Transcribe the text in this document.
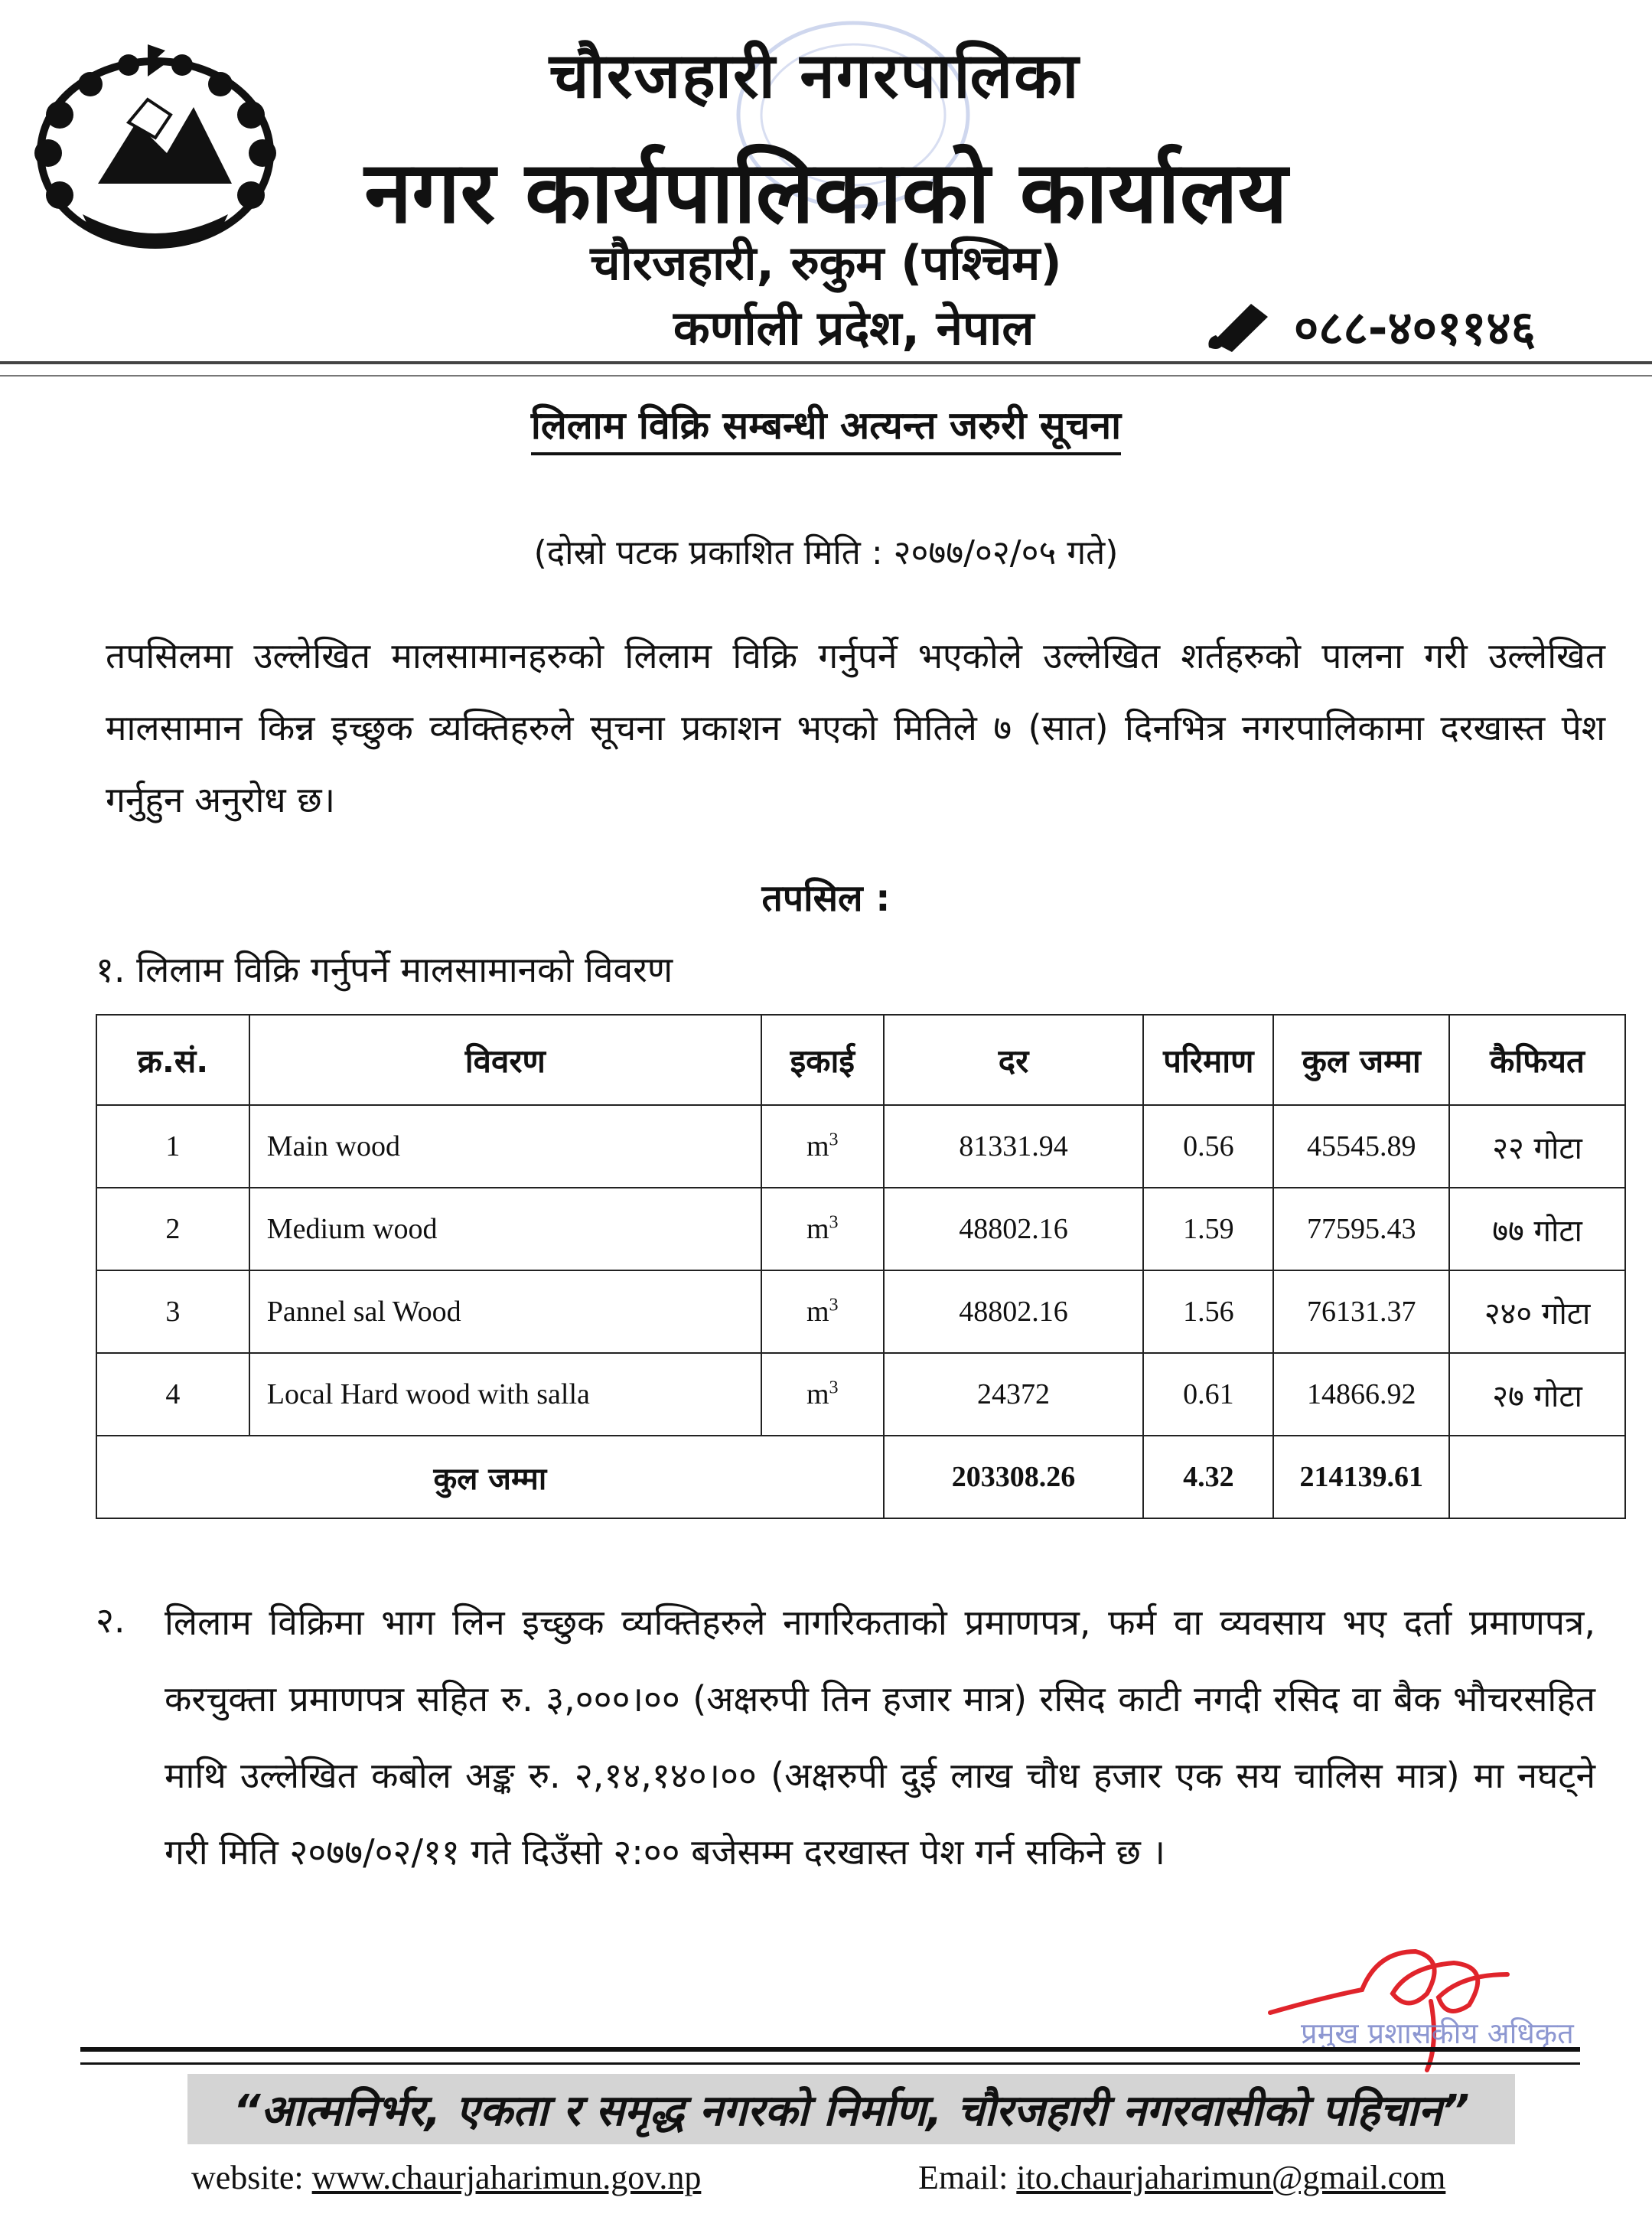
चौरजहारी नगरपालिका
नगर कार्यपालिकाको कार्यालय
चौरजहारी, रुकुम (पश्चिम)
कर्णाली प्रदेश, नेपाल	०८८-४०११४६
लिलाम विक्रि सम्बन्धी अत्यन्त जरुरी सूचना
(दोस्रो पटक प्रकाशित मिति : २०७७/०२/०५ गते)
तपसिलमा उल्लेखित मालसामानहरुको लिलाम विक्रि गर्नुपर्ने भएकोले उल्लेखित शर्तहरुको पालना गरी उल्लेखित मालसामान किन्न इच्छुक व्यक्तिहरुले सूचना प्रकाशन भएको मितिले ७ (सात) दिनभित्र नगरपालिकामा दरखास्त पेश गर्नुहुन अनुरोध छ।
तपसिल :
१. लिलाम विक्रि गर्नुपर्ने मालसामानको विवरण
क्र.सं.	विवरण	इकाई	दर	परिमाण	कुल जम्मा	कैफियत
1	Main wood	$m^3$	81331.94	0.56	45545.89	२२ गोटा
2	Medium wood	$m^3$	48802.16	1.59	77595.43	७७ गोटा
3	Pannel sal Wood	$m^3$	48802.16	1.56	76131.37	२४० गोटा
4	Local Hard wood with salla	$m^3$	24372	0.61	14866.92	२७ गोटा
कुल जम्मा			203308.26	4.32	214139.61	
२. लिलाम विक्रिमा भाग लिन इच्छुक व्यक्तिहरुले नागरिकताको प्रमाणपत्र, फर्म वा व्यवसाय भए दर्ता प्रमाणपत्र, करचुक्ता प्रमाणपत्र सहित रु. ३,०००।०० (अक्षरुपी तिन हजार मात्र) रसिद काटी नगदी रसिद वा बैक भौचरसहित माथि उल्लेखित कबोल अङ्क रु. २,१४,१४०।०० (अक्षरुपी दुई लाख चौध हजार एक सय चालिस मात्र) मा नघट्ने गरी मिति २०७७/०२/११ गते दिउँसो २:०० बजेसम्म दरखास्त पेश गर्न सकिने छ ।
प्रमुख प्रशासकीय अधिकृत
“आत्मनिर्भर, एकता र समृद्ध नगरको निर्माण, चौरजहारी नगरवासीको पहिचान”
website: www.chaurjaharimun.gov.np	Email: ito.chaurjaharimun@gmail.com
